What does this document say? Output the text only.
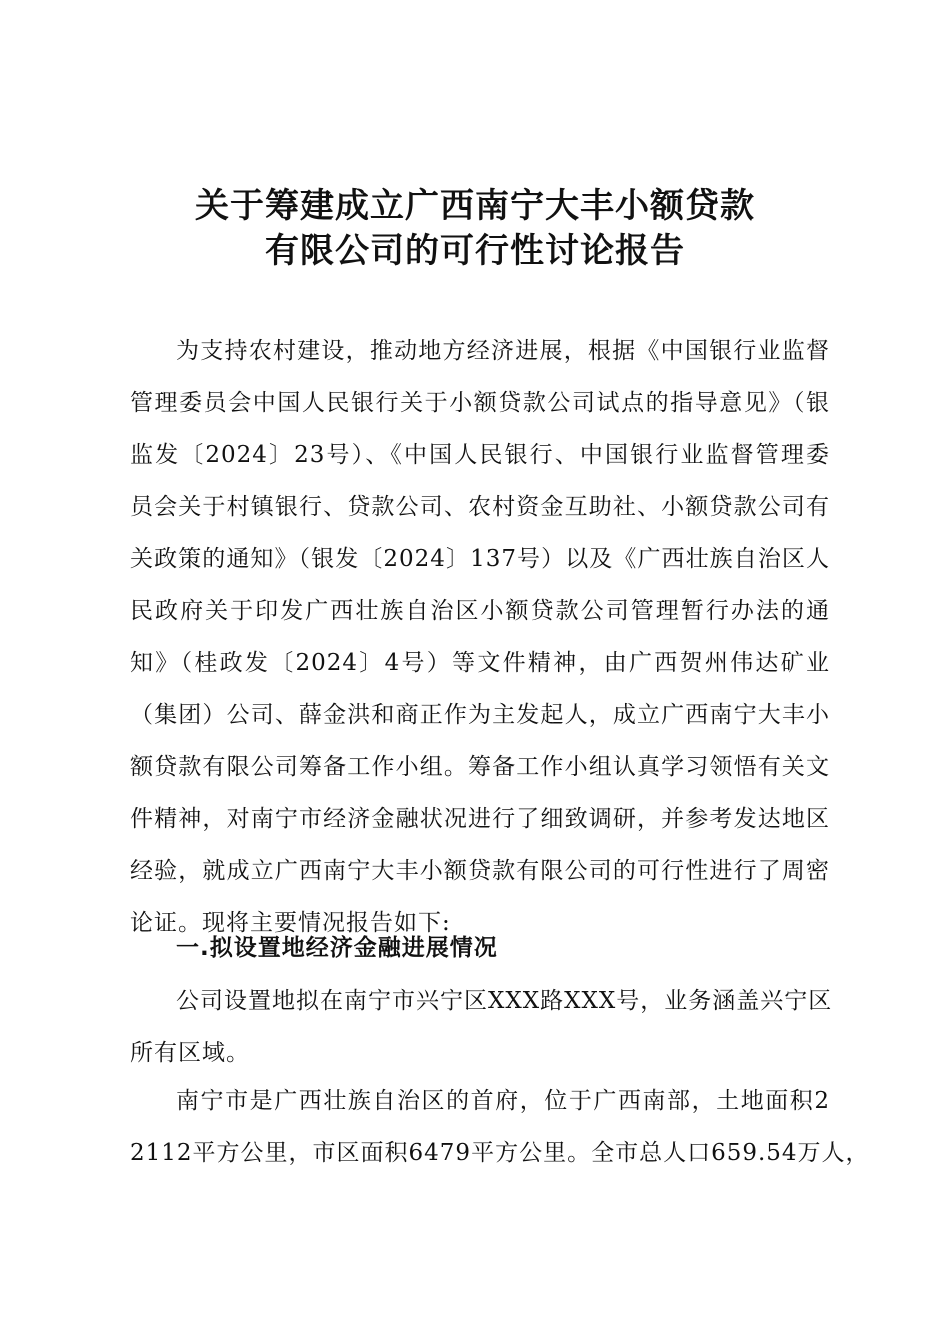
关于筹建成立广西南宁大丰小额贷款
有限公司的可行性讨论报告
为支持农村建设，推动地方经济进展，根据《中国银行业监督
管理委员会中国人民银行关于小额贷款公司试点的指导意见》（银
监发〔2024〕23号）、《中国人民银行、中国银行业监督管理委
员会关于村镇银行、贷款公司、农村资金互助社、小额贷款公司有
关政策的通知》（银发〔2024〕137号）以及《广西壮族自治区人
民政府关于印发广西壮族自治区小额贷款公司管理暂行办法的通
知》（桂政发〔2024〕4号）等文件精神，由广西贺州伟达矿业
（集团）公司、薛金洪和商正作为主发起人，成立广西南宁大丰小
额贷款有限公司筹备工作小组。筹备工作小组认真学习领悟有关文
件精神，对南宁市经济金融状况进行了细致调研，并参考发达地区
经验，就成立广西南宁大丰小额贷款有限公司的可行性进行了周密
论证。现将主要情况报告如下:
一.拟设置地经济金融进展情况
公司设置地拟在南宁市兴宁区XXX路XXX号，业务涵盖兴宁区
所有区域。
南宁市是广西壮族自治区的首府，位于广西南部，土地面积2
2112平方公里，市区面积6479平方公里。全市总人口659.54万人，
